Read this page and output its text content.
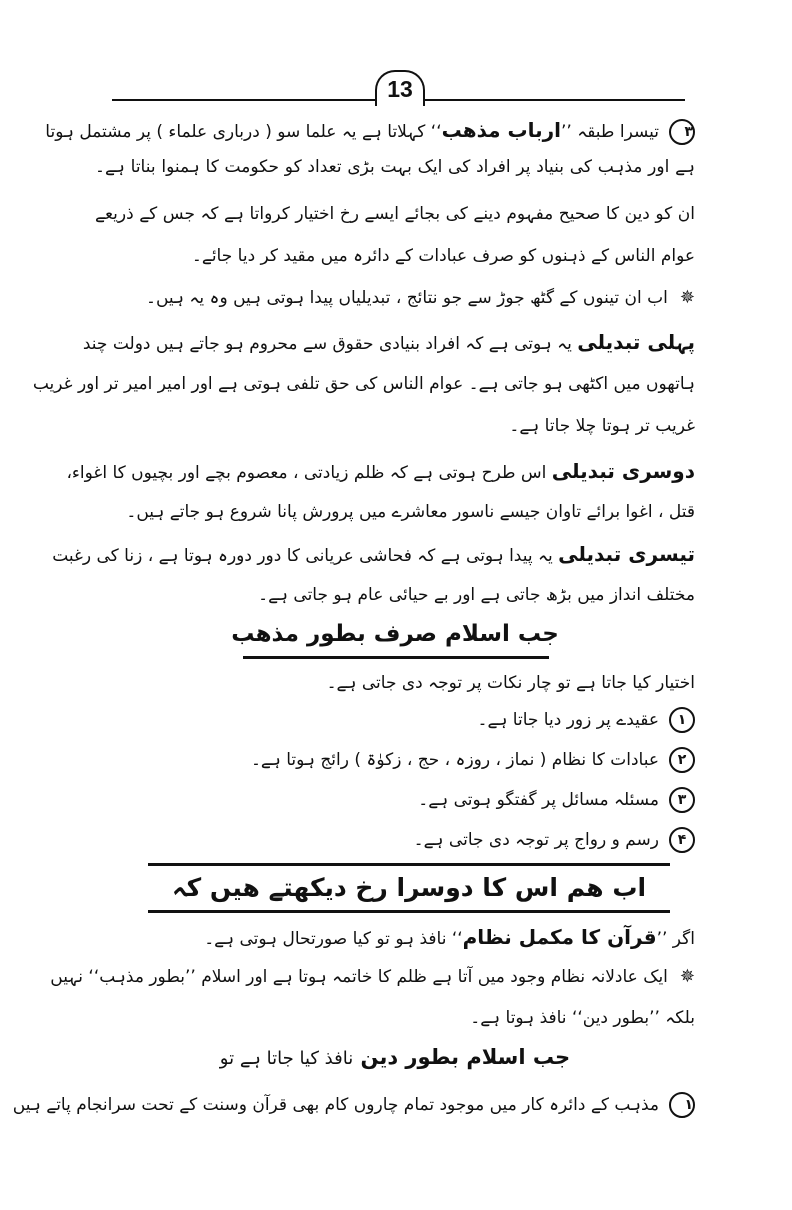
13
۳تیسرا طبقہ ’’ارباب مذھب‘‘ کہلاتا ہے یہ علما سو ( درباری علماء ) پر مشتمل ہوتا
ہے اور مذہب کی بنیاد پر افراد کی ایک بہت بڑی تعداد کو حکومت کا ہمنوا بناتا ہے۔
ان کو دین کا صحیح مفہوم دینے کی بجائے ایسے رخ اختیار کرواتا ہے کہ جس کے ذریعے
عوام الناس کے ذہنوں کو صرف عبادات کے دائرہ میں مقید کر دیا جائے۔
✵اب ان تینوں کے گٹھ جوڑ سے جو نتائج ، تبدیلیاں پیدا ہوتی ہیں وہ یہ ہیں۔
پہلی تبدیلی یہ ہوتی ہے کہ افراد بنیادی حقوق سے محروم ہو جاتے ہیں دولت چند
ہاتھوں میں اکٹھی ہو جاتی ہے۔ عوام الناس کی حق تلفی ہوتی ہے اور امیر امیر تر اور غریب
غریب تر ہوتا چلا جاتا ہے۔
دوسری تبدیلی اس طرح ہوتی ہے کہ ظلم زیادتی ، معصوم بچے اور بچیوں کا اغواء،
قتل ، اغوا برائے تاوان جیسے ناسور معاشرے میں پرورش پانا شروع ہو جاتے ہیں۔
تیسری تبدیلی یہ پیدا ہوتی ہے کہ فحاشی عریانی کا دور دورہ ہوتا ہے ، زنا کی رغبت
مختلف انداز میں بڑھ جاتی ہے اور بے حیائی عام ہو جاتی ہے۔
جب اسلام صرف بطور مذھب
اختیار کیا جاتا ہے تو چار نکات پر توجہ دی جاتی ہے۔
۱عقیدے پر زور دیا جاتا ہے۔
۲عبادات کا نظام ( نماز ، روزہ ، حج ، زکوٰۃ ) رائج ہوتا ہے۔
۳مسئلہ مسائل پر گفتگو ہوتی ہے۔
۴رسم و رواج پر توجہ دی جاتی ہے۔
اب ھم اس کا دوسرا رخ دیکھتے ھیں کہ
اگر ’’قرآن کا مکمل نظام‘‘ نافذ ہو تو کیا صورتحال ہوتی ہے۔
✵ایک عادلانہ نظام وجود میں آتا ہے ظلم کا خاتمہ ہوتا ہے اور اسلام ’’بطور مذہب‘‘ نہیں
بلکہ ’’بطور دین‘‘ نافذ ہوتا ہے۔
جب اسلام بطور دین نافذ کیا جاتا ہے تو
۱مذہب کے دائرہ کار میں موجود تمام چاروں کام بھی قرآن وسنت کے تحت سرانجام پاتے ہیں
